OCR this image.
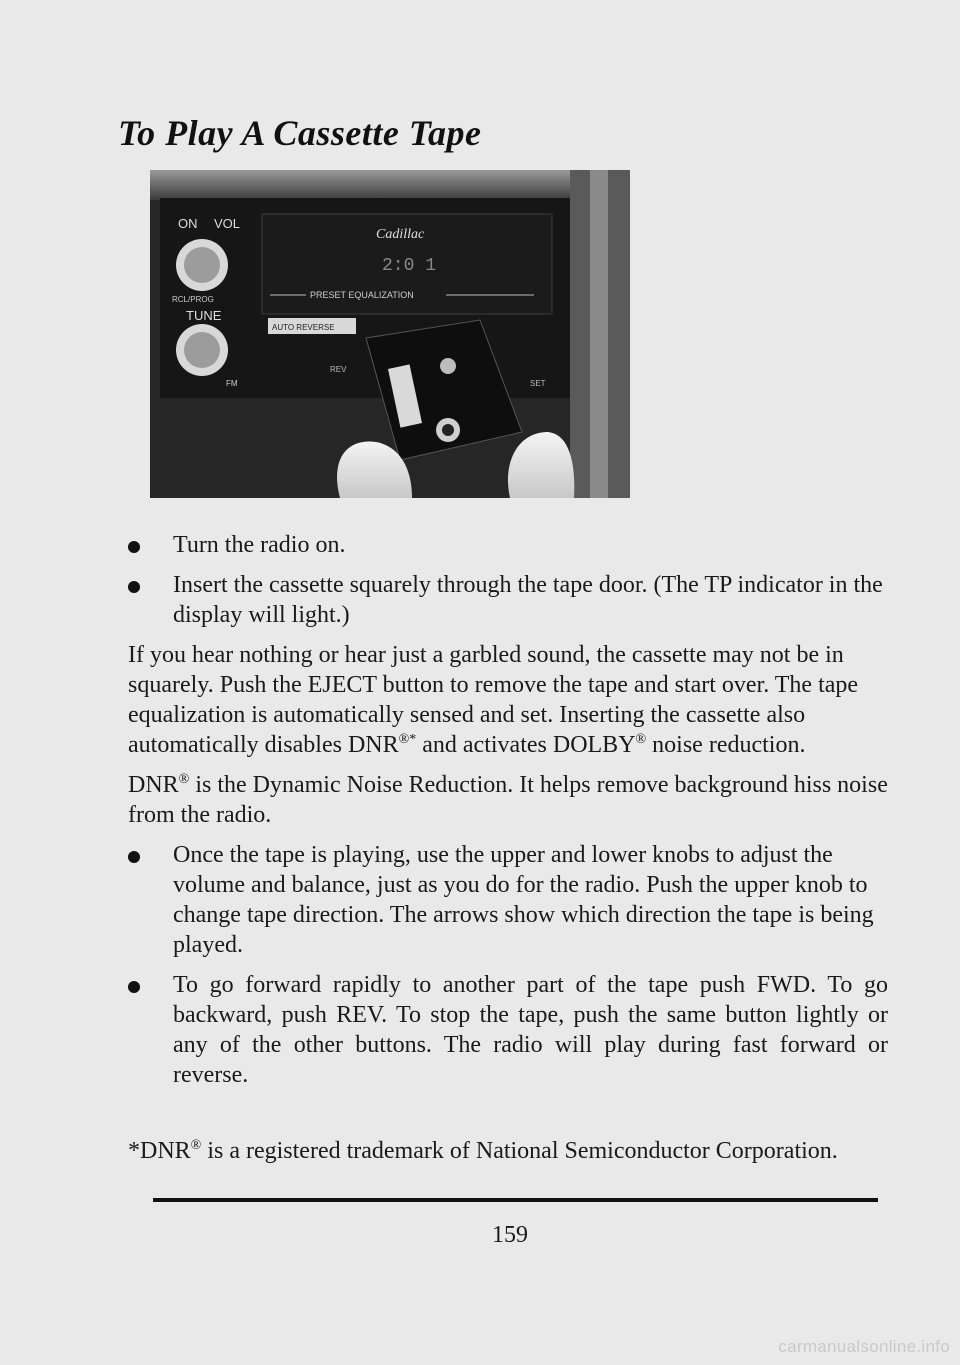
To Play A Cassette Tape
ON VOL
RCL/PROG
TUNE
FM
Cadillac
2:0 1
PRESET EQUALIZATION
AUTO REVERSE
REV
SET
Turn the radio on.
Insert the cassette squarely through the tape door. (The TP indicator in the display will light.)

If you hear nothing or hear just a garbled sound, the cassette may not be in squarely. Push the EJECT button to remove the tape and start over. The tape equalization is automatically sensed and set. Inserting the cassette also automatically disables DNR®* and activates DOLBY® noise reduction.

DNR® is the Dynamic Noise Reduction. It helps remove background hiss noise from the radio.

Once the tape is playing, use the upper and lower knobs to adjust the volume and balance, just as you do for the radio. Push the upper knob to change tape direction. The arrows show which direction the tape is being played.
To go forward rapidly to another part of the tape push FWD. To go backward, push REV. To stop the tape, push the same button lightly or any of the other buttons. The radio will play during fast forward or reverse.

*DNR® is a registered trademark of National Semiconductor Corporation.

159
carmanualsonline.info
